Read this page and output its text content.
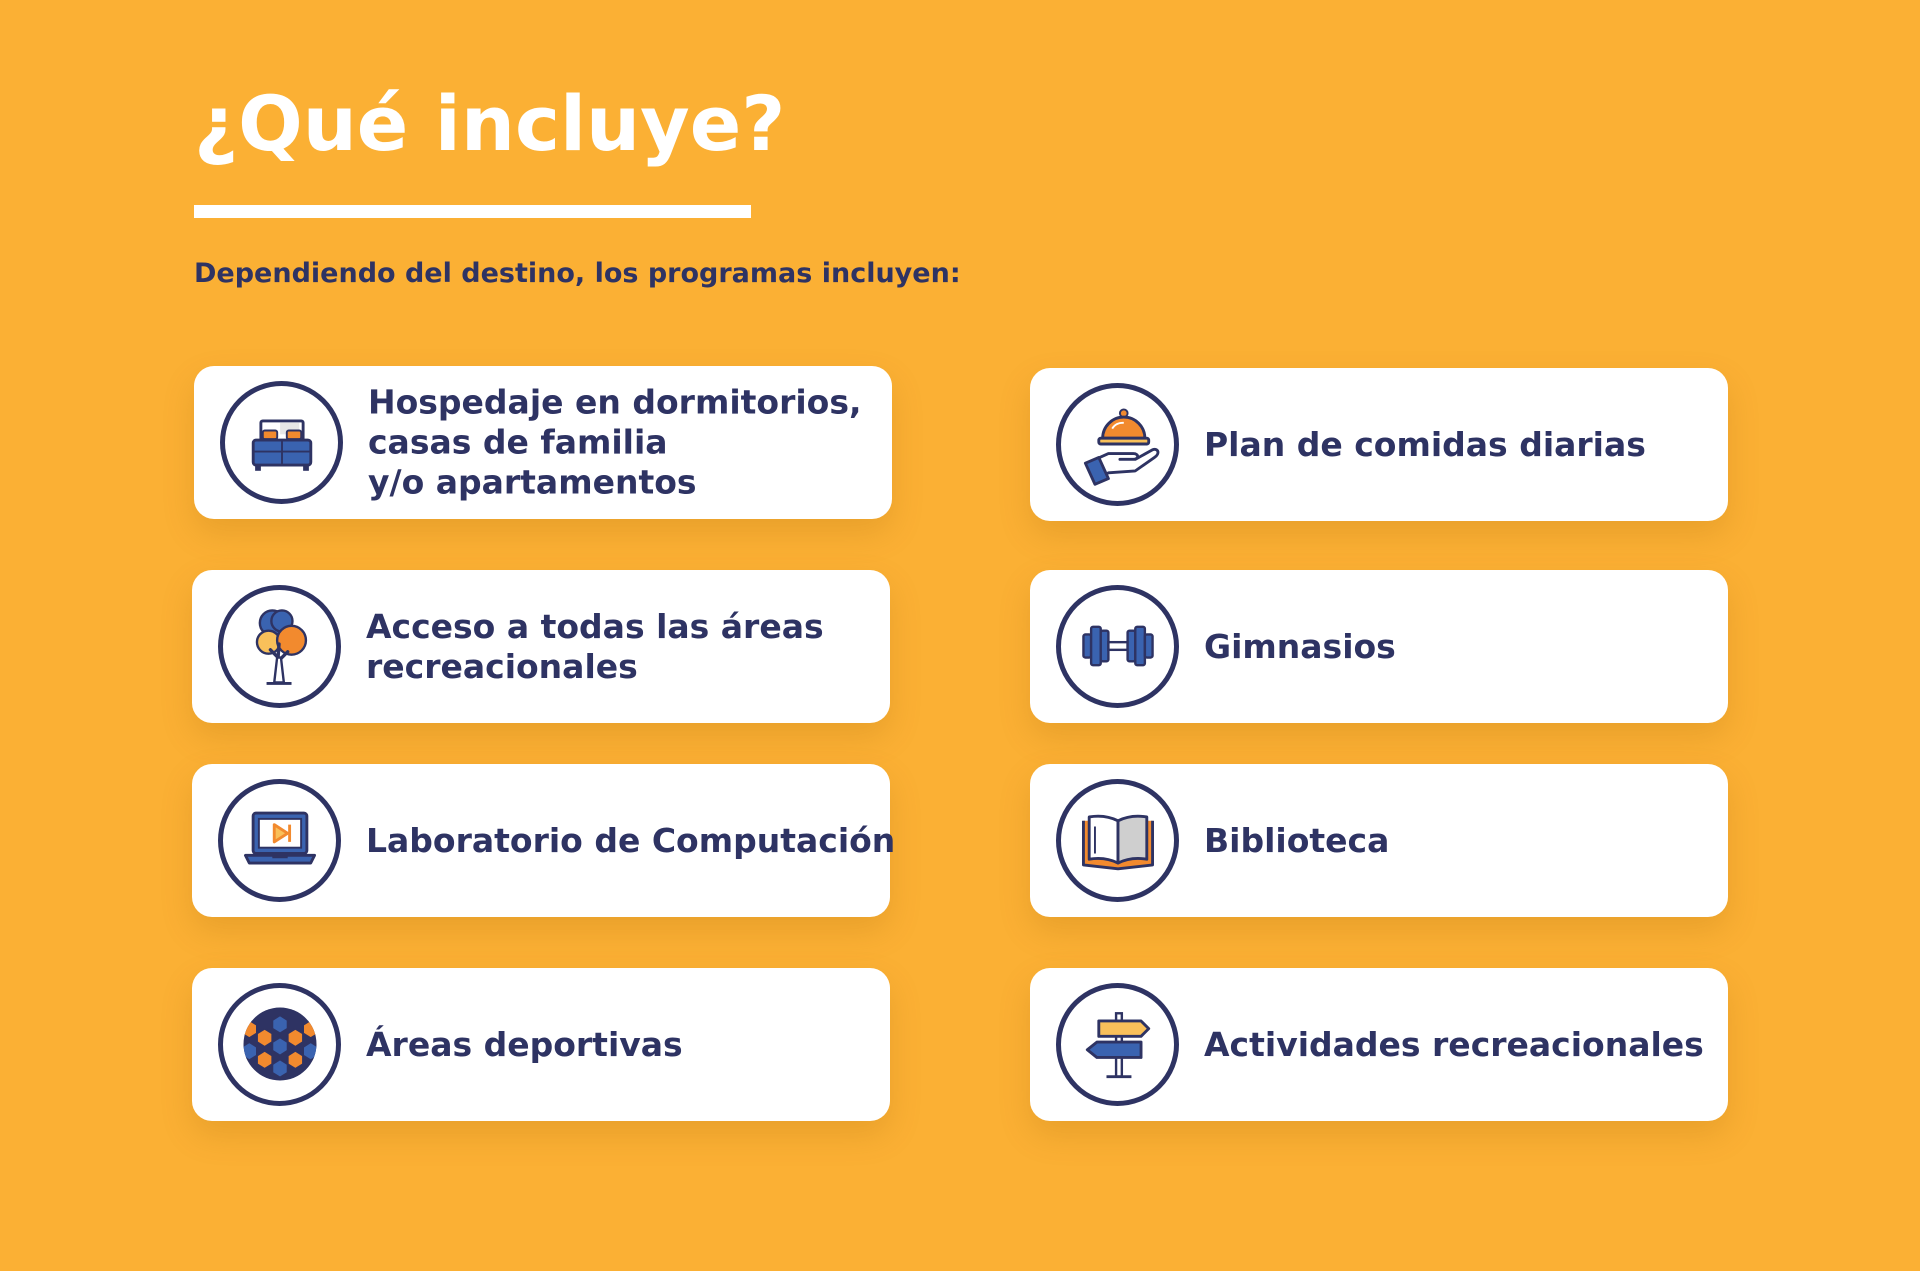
¿Qué incluye?

Dependiendo del destino, los programas incluyen:

Hospedaje en dormitorios,
casas de familia
y/o apartamentos
Plan de comidas diarias
Acceso a todas las áreas
recreacionales
Gimnasios
Laboratorio de Computación	Biblioteca
Áreas deportivas	Actividades recreacionales
